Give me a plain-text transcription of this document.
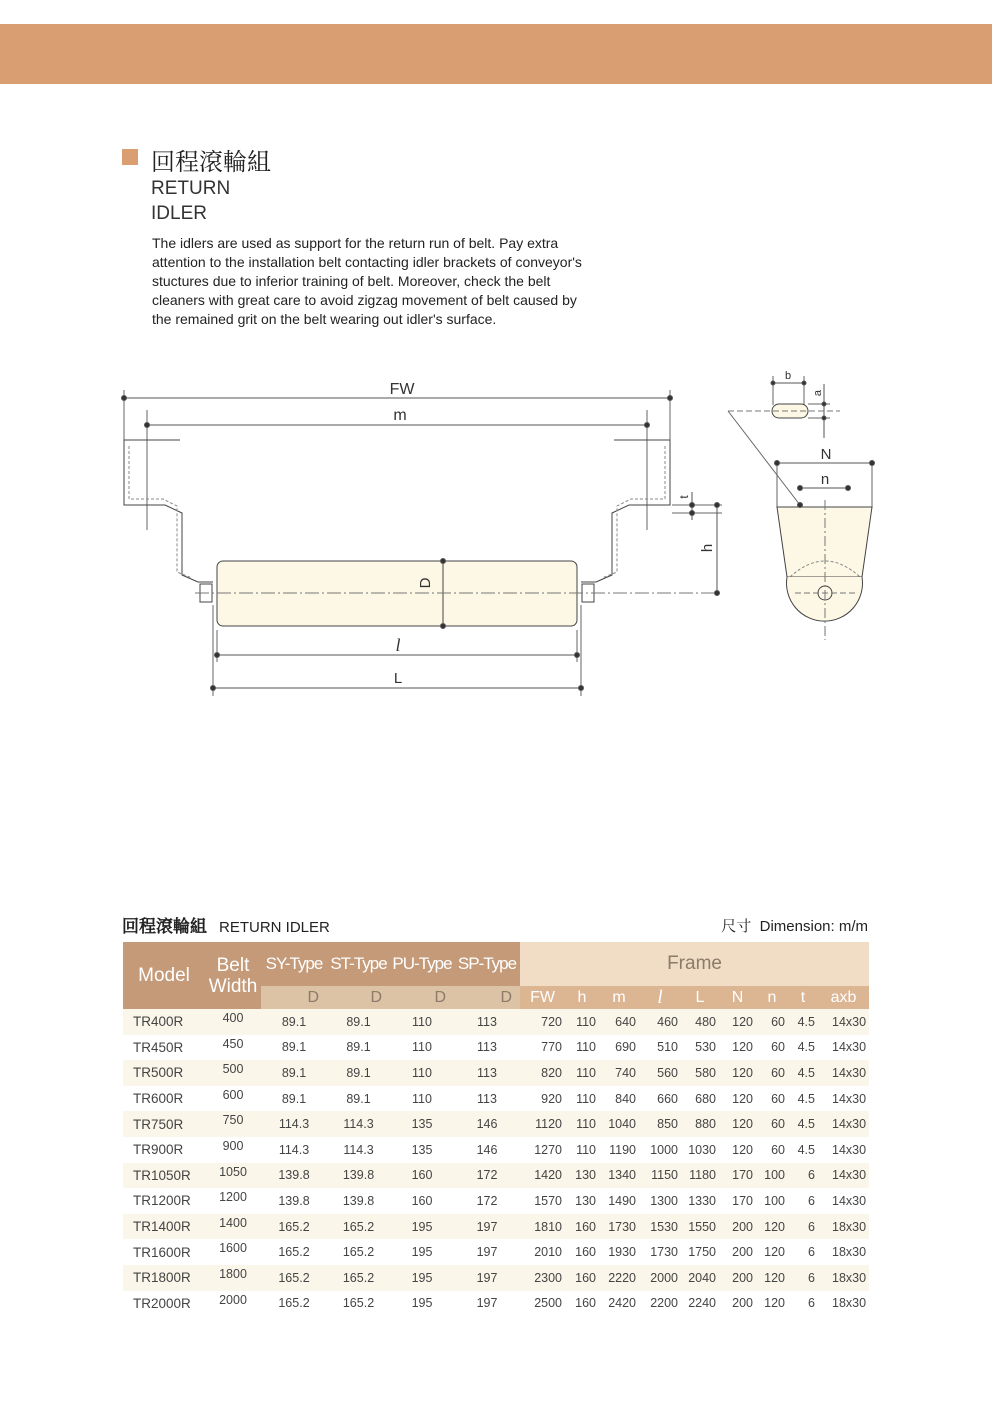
回程滾輪組
RETURN
IDLER
The idlers are used as support for the return run of belt. Pay extra
attention to the installation belt contacting idler brackets of conveyor's
stuctures due to inferior training of belt. Moreover, check the belt
cleaners with great care to avoid zigzag movement of belt caused by
the remained grit on the belt wearing out idler's surface.
FW
m
D
l
L
t
h
b
a
N
n
回程滾輪組 RETURN IDLER	尺寸 Dimension: m/m
Model	Belt
Width	SY-Type	ST-Type	PU-Type	SP-Type	Frame								
		D	D	D	D	FW	h	m	l	L	N	n	t	axb
TR400R	400	89.1	89.1	110	113	720	110	640	460	480	120	60	4.5	14x30
TR450R	450	89.1	89.1	110	113	770	110	690	510	530	120	60	4.5	14x30
TR500R	500	89.1	89.1	110	113	820	110	740	560	580	120	60	4.5	14x30
TR600R	600	89.1	89.1	110	113	920	110	840	660	680	120	60	4.5	14x30
TR750R	750	114.3	114.3	135	146	1120	110	1040	850	880	120	60	4.5	14x30
TR900R	900	114.3	114.3	135	146	1270	110	1190	1000	1030	120	60	4.5	14x30
TR1050R	1050	139.8	139.8	160	172	1420	130	1340	1150	1180	170	100	6	14x30
TR1200R	1200	139.8	139.8	160	172	1570	130	1490	1300	1330	170	100	6	14x30
TR1400R	1400	165.2	165.2	195	197	1810	160	1730	1530	1550	200	120	6	18x30
TR1600R	1600	165.2	165.2	195	197	2010	160	1930	1730	1750	200	120	6	18x30
TR1800R	1800	165.2	165.2	195	197	2300	160	2220	2000	2040	200	120	6	18x30
TR2000R	2000	165.2	165.2	195	197	2500	160	2420	2200	2240	200	120	6	18x30
